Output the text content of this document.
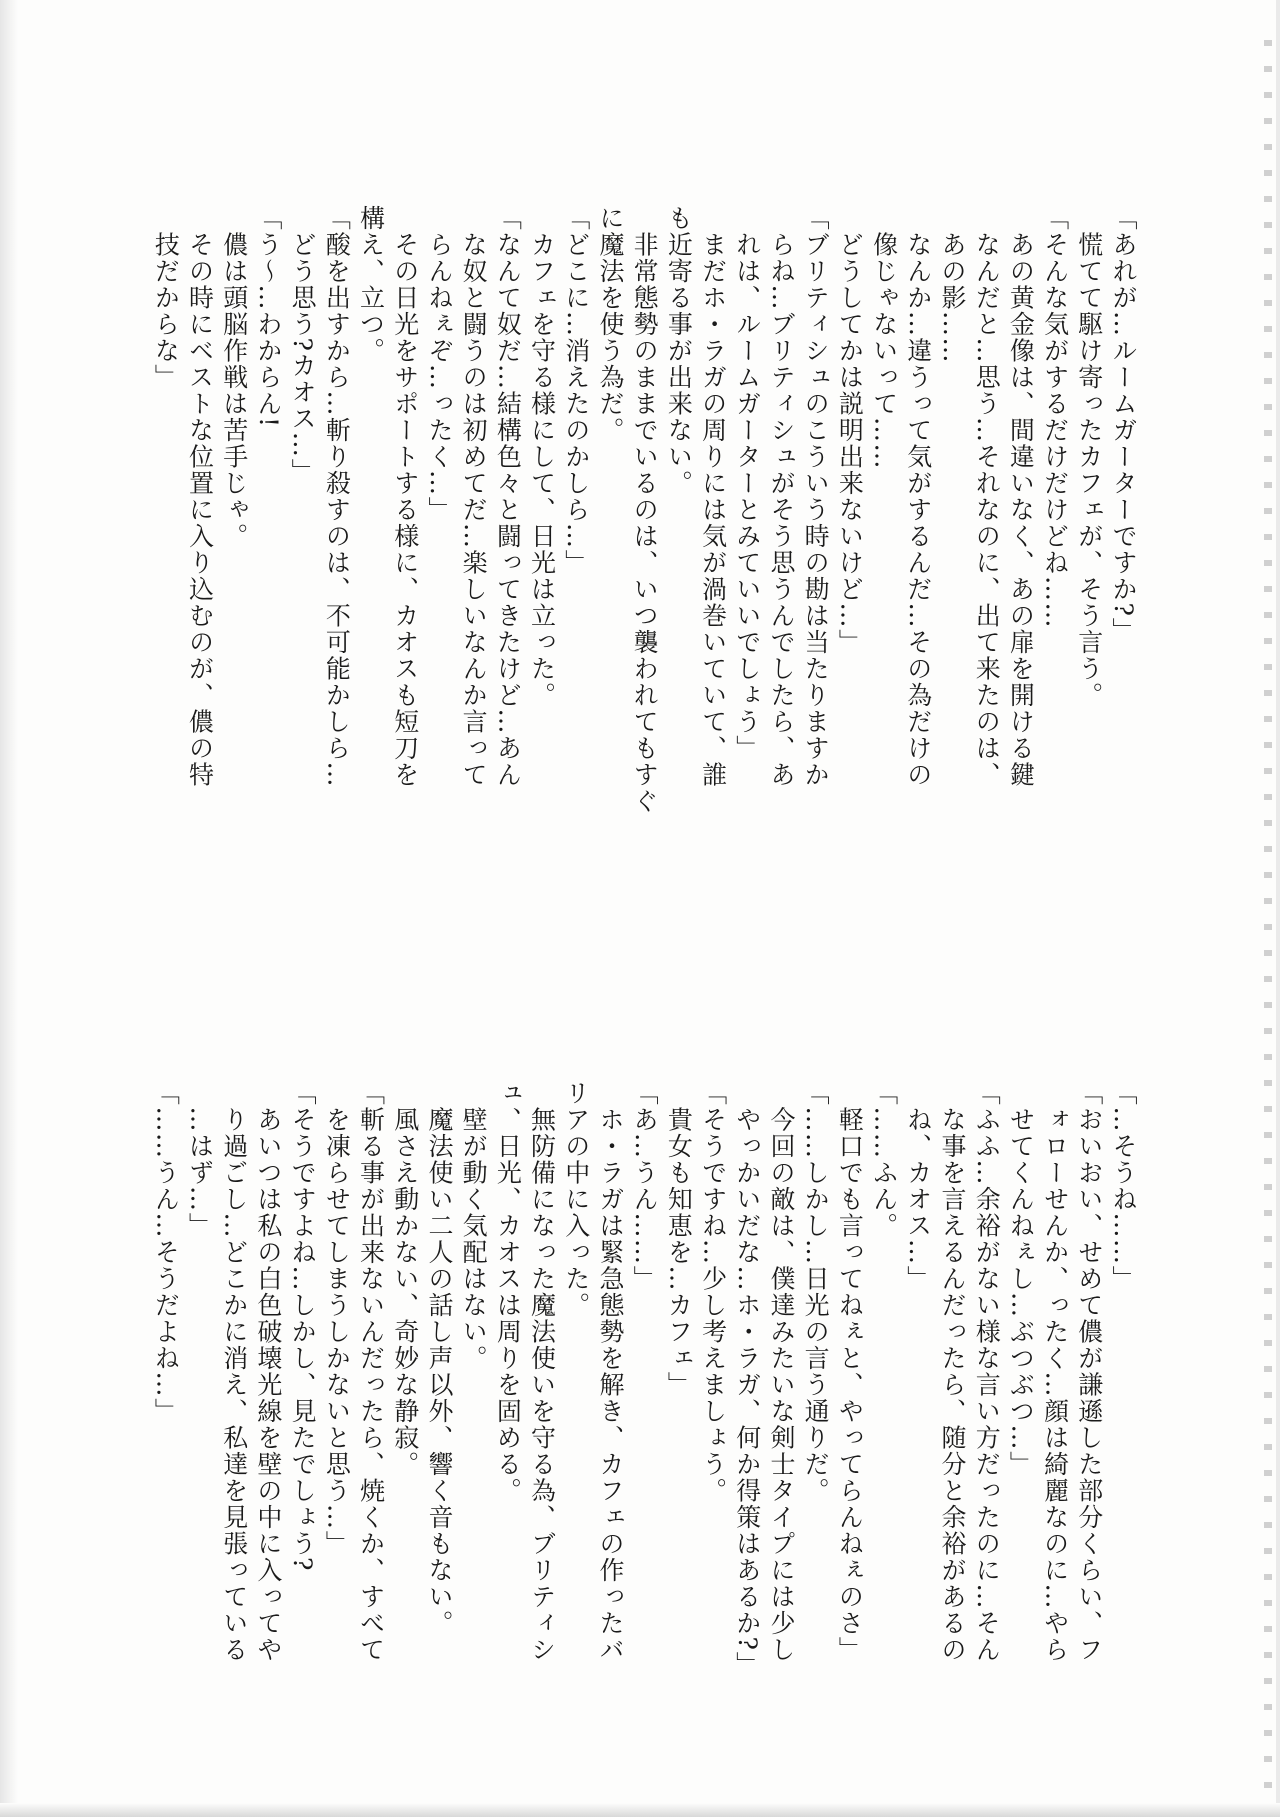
「あれが…ルームガーターですか?」
　慌てて駆け寄ったカフェが、そう言う。
「そんな気がするだけだけどね……
　あの黄金像は、間違いなく、あの扉を開ける鍵
　なんだと…思う…それなのに、出て来たのは、
　あの影……
　なんか…違うって気がするんだ…その為だけの
　像じゃないって……
　どうしてかは説明出来ないけど…」
「ブリティシュのこういう時の勘は当たりますか
　らね…ブリティシュがそう思うんでしたら、あ
　れは、ルームガーターとみていいでしょう」
　まだホ・ラガの周りには気が渦巻いていて、誰
も近寄る事が出来ない。
　非常態勢のままでいるのは、いつ襲われてもすぐ
に魔法を使う為だ。
「どこに…消えたのかしら…」
　カフェを守る様にして、日光は立った。
「なんて奴だ…結構色々と闘ってきたけど…あん
　な奴と闘うのは初めてだ…楽しいなんか言って
　らんねぇぞ…ったく…」
　その日光をサポートする様に、カオスも短刀を
構え、立つ。
「酸を出すから…斬り殺すのは、不可能かしら…
　どう思う?カオス…」
「う〜…わからん!
　儂は頭脳作戦は苦手じゃ。
　その時にベストな位置に入り込むのが、儂の特
　技だからな」
「…そうね……」
「おいおい、せめて儂が謙遜した部分くらい、フ
　ォローせんか、ったく…顔は綺麗なのに…やら
　せてくんねぇし…ぶつぶつ…」
「ふふ…余裕がない様な言い方だったのに…そん
　な事を言えるんだったら、随分と余裕があるの
　ね、カオス…」
「……ふん。
　軽口でも言ってねぇと、やってらんねぇのさ」
「……しかし…日光の言う通りだ。
　今回の敵は、僕達みたいな剣士タイプには少し
　やっかいだな…ホ・ラガ、何か得策はあるか?」
「そうですね…少し考えましょう。
　貴女も知恵を…カフェ」
「あ…うん……」
　ホ・ラガは緊急態勢を解き、カフェの作ったバ
リアの中に入った。
　無防備になった魔法使いを守る為、ブリティシ
ュ、日光、カオスは周りを固める。
　壁が動く気配はない。
　魔法使い二人の話し声以外、響く音もない。
　風さえ動かない、奇妙な静寂。
「斬る事が出来ないんだったら、焼くか、すべて
　を凍らせてしまうしかないと思う…」
「そうですよね…しかし、見たでしょう?
　あいつは私の白色破壊光線を壁の中に入ってや
　り過ごし…どこかに消え、私達を見張っている
　…はず…」
「……うん…そうだよね…」
